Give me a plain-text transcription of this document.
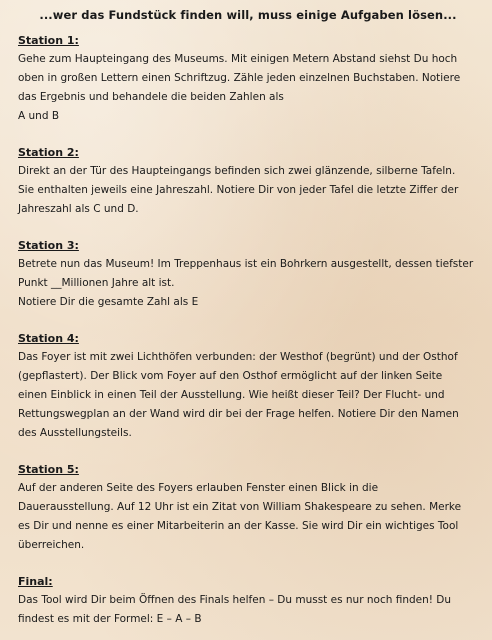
...wer das Fundstück finden will, muss einige Aufgaben lösen...
Station 1:
Gehe zum Haupteingang des Museums. Mit einigen Metern Abstand siehst Du hoch
oben in großen Lettern einen Schriftzug. Zähle jeden einzelnen Buchstaben. Notiere
das Ergebnis und behandele die beiden Zahlen als
A und B
Station 2:
Direkt an der Tür des Haupteingangs befinden sich zwei glänzende, silberne Tafeln.
Sie enthalten jeweils eine Jahreszahl. Notiere Dir von jeder Tafel die letzte Ziffer der
Jahreszahl als C und D.
Station 3:
Betrete nun das Museum! Im Treppenhaus ist ein Bohrkern ausgestellt, dessen tiefster
Punkt __Millionen Jahre alt ist.
Notiere Dir die gesamte Zahl als E
Station 4:
Das Foyer ist mit zwei Lichthöfen verbunden: der Westhof (begrünt) und der Osthof
(gepflastert). Der Blick vom Foyer auf den Osthof ermöglicht auf der linken Seite
einen Einblick in einen Teil der Ausstellung. Wie heißt dieser Teil? Der Flucht- und
Rettungswegplan an der Wand wird dir bei der Frage helfen. Notiere Dir den Namen
des Ausstellungsteils.
Station 5:
Auf der anderen Seite des Foyers erlauben Fenster einen Blick in die
Dauerausstellung. Auf 12 Uhr ist ein Zitat von William Shakespeare zu sehen. Merke
es Dir und nenne es einer Mitarbeiterin an der Kasse. Sie wird Dir ein wichtiges Tool
überreichen.
Final:
Das Tool wird Dir beim Öffnen des Finals helfen – Du musst es nur noch finden! Du
findest es mit der Formel: E – A – B
